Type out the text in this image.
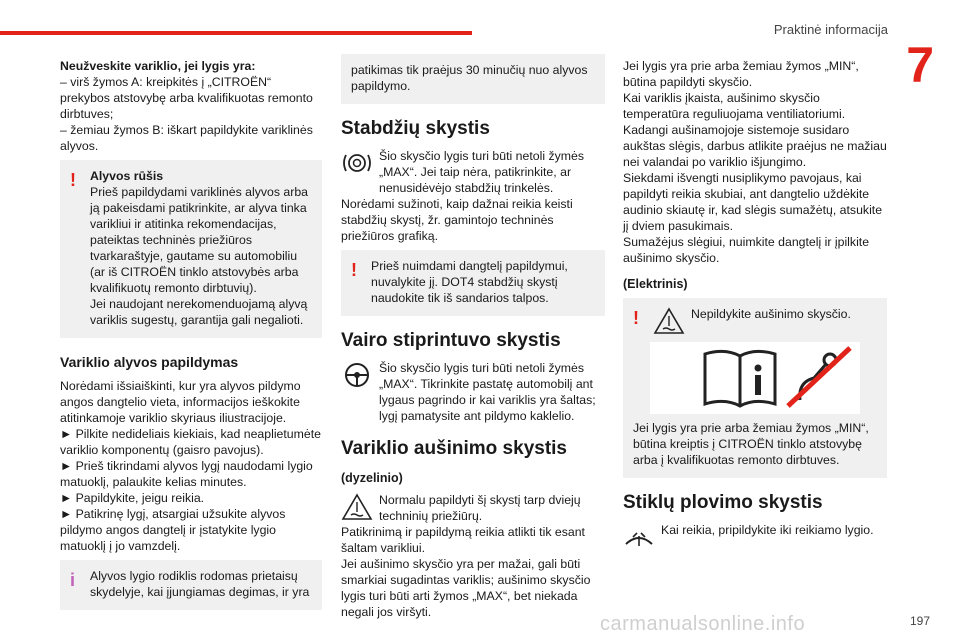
Praktinė informacija
7

Neužveskite variklio, jei lygis yra:

– virš žymos A: kreipkitės į „CITROËN“ prekybos atstovybę arba kvalifikuotas remonto dirbtuves;

– žemiau žymos B: iškart papildykite variklinės alyvos.

!	Alyvos rūšis
Prieš papildydami variklinės alyvos arba ją pakeisdami patikrinkite, ar alyva tinka varikliui ir atitinka rekomendacijas, pateiktas techninės priežiūros tvarkaraštyje, gautame su automobiliu (ar iš CITROËN tinklo atstovybės arba kvalifikuotų remonto dirbtuvių).
Jei naudojant nerekomenduojamą alyvą variklis sugestų, garantija gali negalioti.
Variklio alyvos papildymas

Norėdami išsiaiškinti, kur yra alyvos pildymo angos dangtelio vieta, informacijos ieškokite atitinkamoje variklio skyriaus iliustracijoje.

► Pilkite nedideliais kiekiais, kad neaplietumėte variklio komponentų (gaisro pavojus).

► Prieš tikrindami alyvos lygį naudodami lygio matuoklį, palaukite kelias minutes.

► Papildykite, jeigu reikia.

► Patikrinę lygį, atsargiai užsukite alyvos pildymo angos dangtelį ir įstatykite lygio matuoklį į jo vamzdelį.

i	Alyvos lygio rodiklis rodomas prietaisų skydelyje, kai įjungiamas degimas, ir yra
patikimas tik praėjus 30 minučių nuo alyvos papildymo.
Stabdžių skystis
Šio skysčio lygis turi būti netoli žymės „MAX“. Jei taip nėra, patikrinkite, ar nenusidėvėjo stabdžių trinkelės.

Norėdami sužinoti, kaip dažnai reikia keisti stabdžių skystį, žr. gamintojo techninės priežiūros grafiką.

!	Prieš nuimdami dangtelį papildymui, nuvalykite jį. DOT4 stabdžių skystį naudokite tik iš sandarios talpos.
Vairo stiprintuvo skystis
Šio skysčio lygis turi būti netoli žymės „MAX“. Tikrinkite pastatę automobilį ant lygaus pagrindo ir kai variklis yra šaltas; lygį pamatysite ant pildymo kaklelio.
Variklio aušinimo skystis
(dyzelinio)
Normalu papildyti šį skystį tarp dviejų techninių priežiūrų.

Patikrinimą ir papildymą reikia atlikti tik esant šaltam varikliui.

Jei aušinimo skysčio yra per mažai, gali būti smarkiai sugadintas variklis; aušinimo skysčio lygis turi būti arti žymos „MAX“, bet niekada negali jos viršyti.

Jei lygis yra prie arba žemiau žymos „MIN“, būtina papildyti skysčio.

Kai variklis įkaista, aušinimo skysčio temperatūra reguliuojama ventiliatoriumi.

Kadangi aušinamojoje sistemoje susidaro aukštas slėgis, darbus atlikite praėjus ne mažiau nei valandai po variklio išjungimo.

Siekdami išvengti nusiplikymo pavojaus, kai papildyti reikia skubiai, ant dangtelio uždėkite audinio skiautę ir, kad slėgis sumažėtų, atsukite jį dviem pasukimais.

Sumažėjus slėgiui, nuimkite dangtelį ir įpilkite aušinimo skysčio.

(Elektrinis)
!	Nepildykite aušinimo skysčio.
Jei lygis yra prie arba žemiau žymos „MIN“, būtina kreiptis į CITROËN tinklo atstovybę arba į kvalifikuotas remonto dirbtuves.
Stiklų plovimo skystis
Kai reikia, pripildykite iki reikiamo lygio.
197
carmanualsonline.info
